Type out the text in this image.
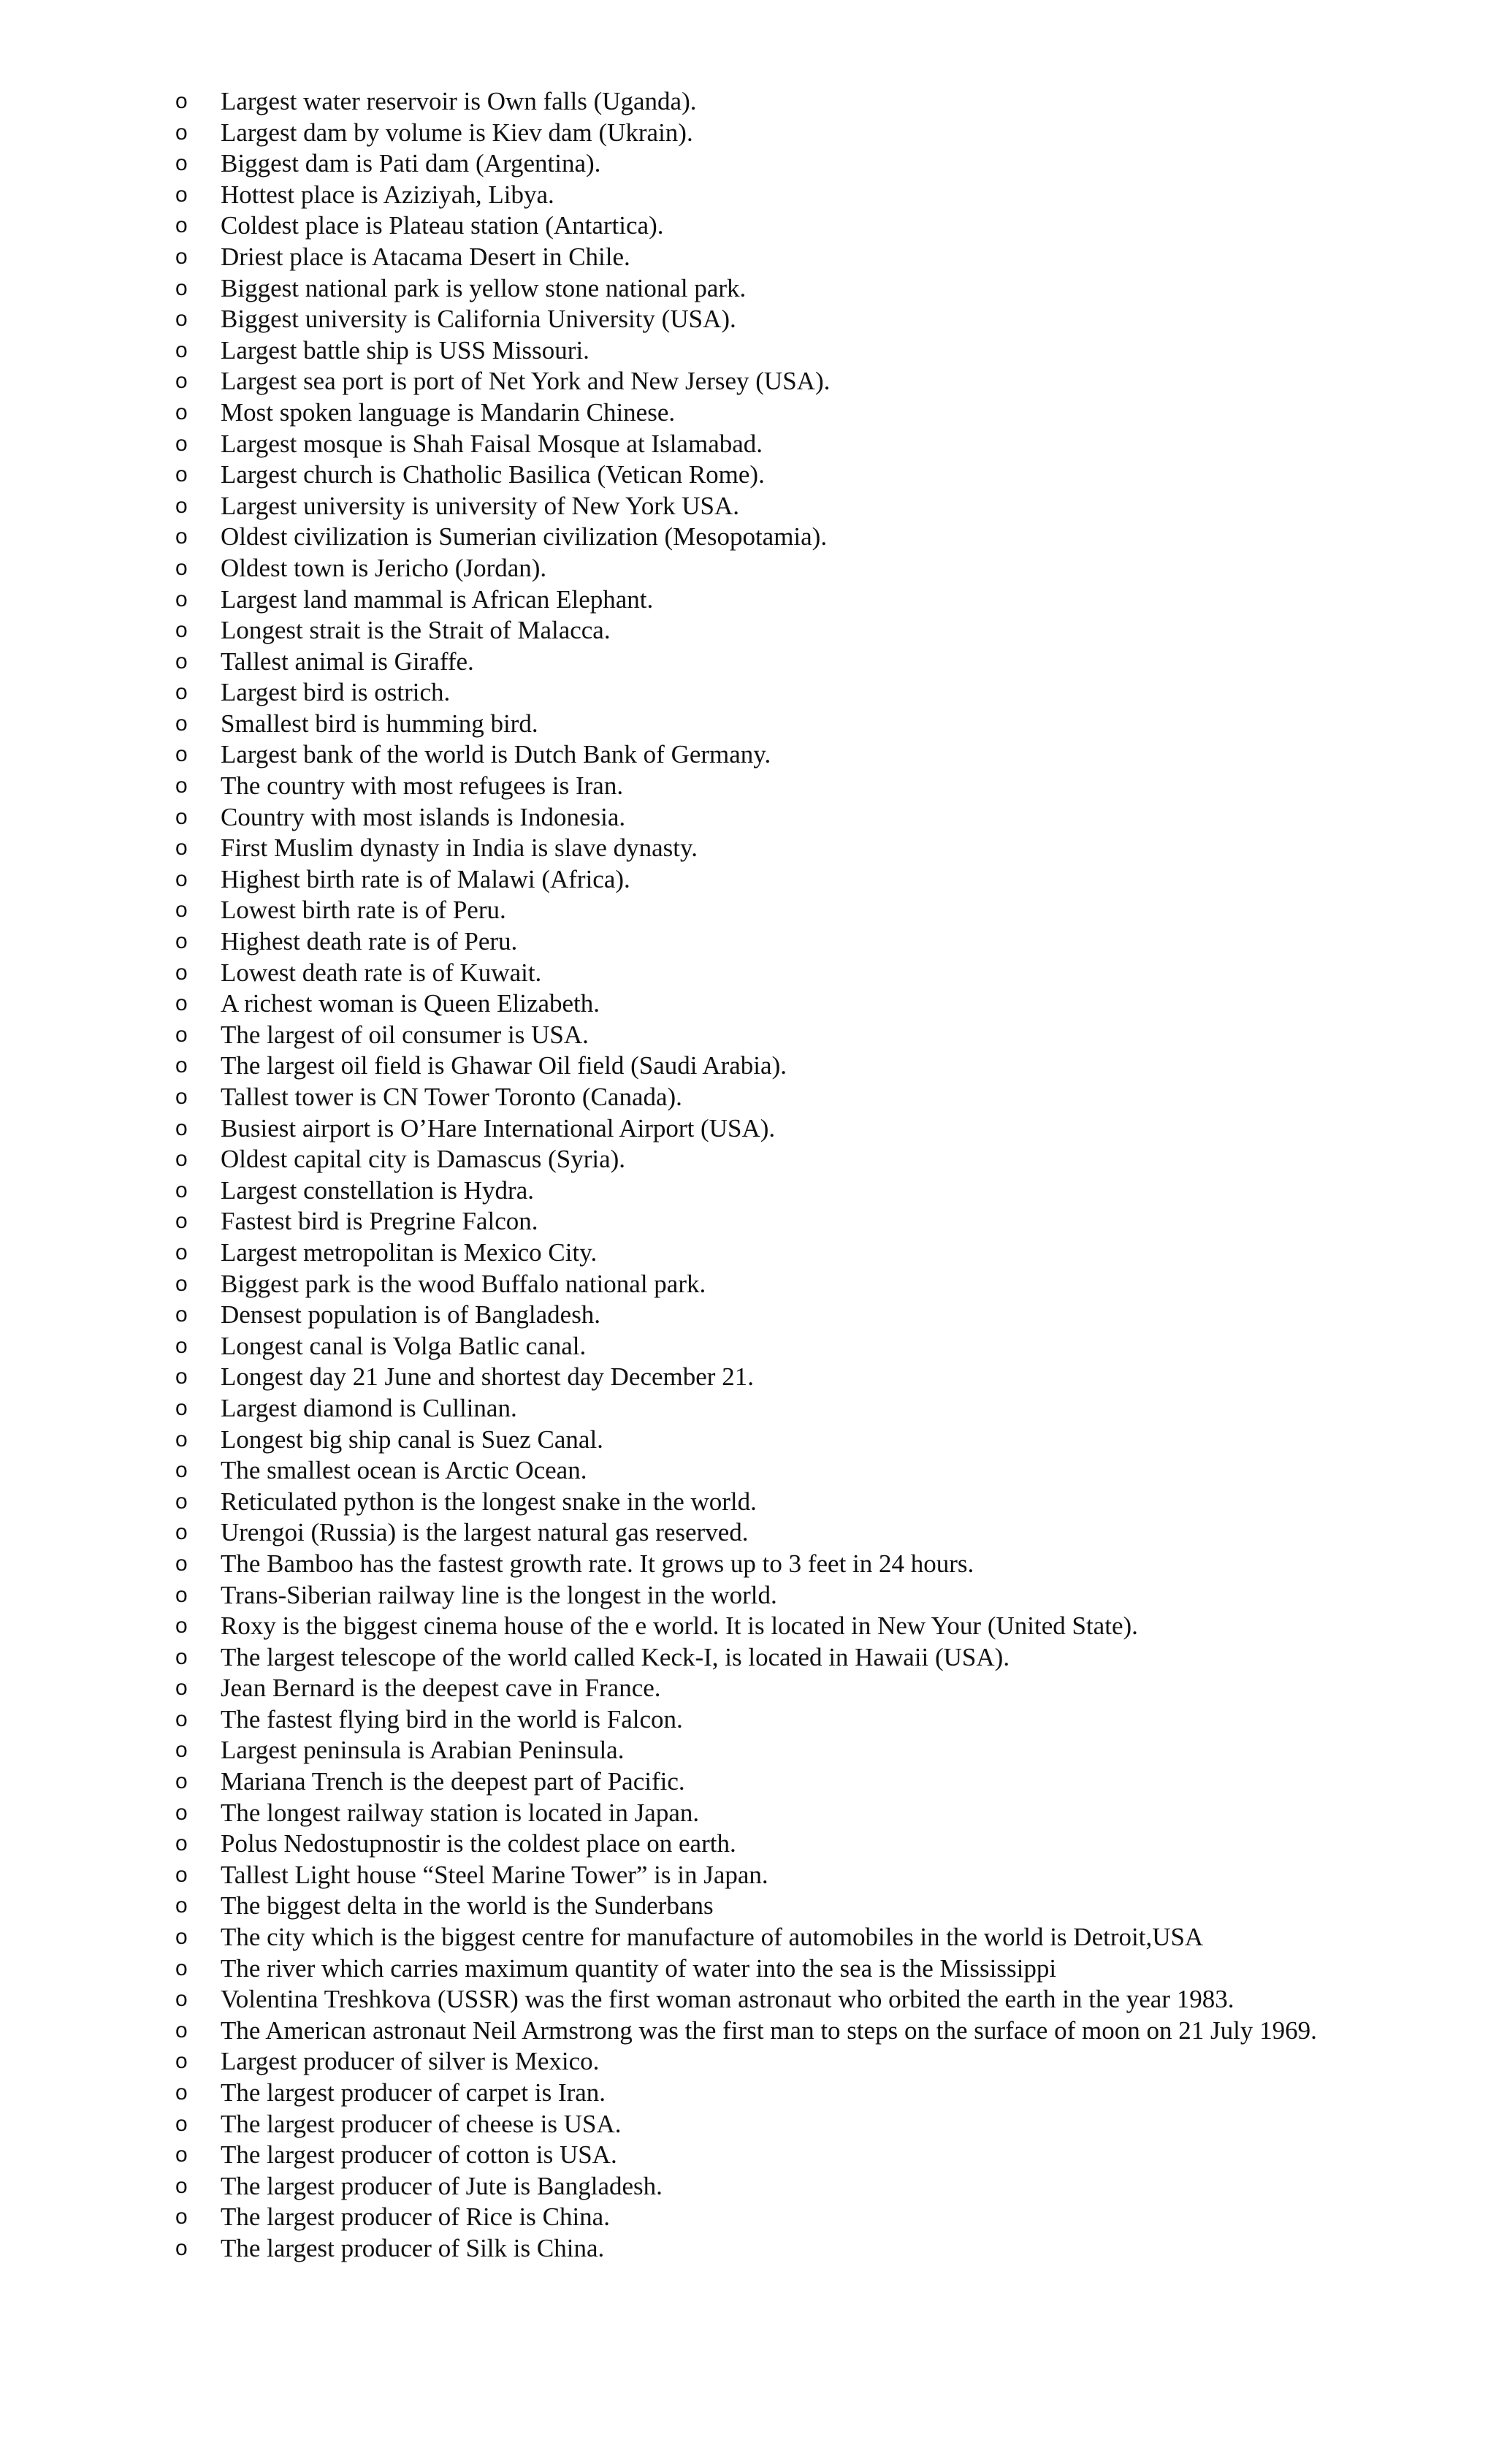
o	Largest water reservoir is Own falls (Uganda).
o	Largest dam by volume is Kiev dam (Ukrain).
o	Biggest dam is Pati dam (Argentina).
o	Hottest place is Aziziyah, Libya.
o	Coldest place is Plateau station (Antartica).
o	Driest place is Atacama Desert in Chile.
o	Biggest national park is yellow stone national park.
o	Biggest university is California University (USA).
o	Largest battle ship is USS Missouri.
o	Largest sea port is port of Net York and New Jersey (USA).
o	Most spoken language is Mandarin Chinese.
o	Largest mosque is Shah Faisal Mosque at Islamabad.
o	Largest church is Chatholic Basilica (Vetican Rome).
o	Largest university is university of New York USA.
o	Oldest civilization is Sumerian civilization (Mesopotamia).
o	Oldest town is Jericho (Jordan).
o	Largest land mammal is African Elephant.
o	Longest strait is the Strait of Malacca.
o	Tallest animal is Giraffe.
o	Largest bird is ostrich.
o	Smallest bird is humming bird.
o	Largest bank of the world is Dutch Bank of Germany.
o	The country with most refugees is Iran.
o	Country with most islands is Indonesia.
o	First Muslim dynasty in India is slave dynasty.
o	Highest birth rate is of Malawi (Africa).
o	Lowest birth rate is of Peru.
o	Highest death rate is of Peru.
o	Lowest death rate is of Kuwait.
o	A richest woman is Queen Elizabeth.
o	The largest of oil consumer is USA.
o	The largest oil field is Ghawar Oil field (Saudi Arabia).
o	Tallest tower is CN Tower Toronto (Canada).
o	Busiest airport is O’Hare International Airport (USA).
o	Oldest capital city is Damascus (Syria).
o	Largest constellation is Hydra.
o	Fastest bird is Pregrine Falcon.
o	Largest metropolitan is Mexico City.
o	Biggest park is the wood Buffalo national park.
o	Densest population is of Bangladesh.
o	Longest canal is Volga Batlic canal.
o	Longest day 21 June and shortest day December 21.
o	Largest diamond is Cullinan.
o	Longest big ship canal is Suez Canal.
o	The smallest ocean is Arctic Ocean.
o	Reticulated python is the longest snake in the world.
o	Urengoi (Russia) is the largest natural gas reserved.
o	The Bamboo has the fastest growth rate. It grows up to 3 feet in 24 hours.
o	Trans-Siberian railway line is the longest in the world.
o	Roxy is the biggest cinema house of the e world. It is located in New Your (United State).
o	The largest telescope of the world called Keck-I, is located in Hawaii (USA).
o	Jean Bernard is the deepest cave in France.
o	The fastest flying bird in the world is Falcon.
o	Largest peninsula is Arabian Peninsula.
o	Mariana Trench is the deepest part of Pacific.
o	The longest railway station is located in Japan.
o	Polus Nedostupnostir is the coldest place on earth.
o	Tallest Light house “Steel Marine Tower” is in Japan.
o	The biggest delta in the world is the Sunderbans
o	The city which is the biggest centre for manufacture of automobiles in the world is Detroit,USA
o	The river which carries maximum quantity of water into the sea is the Mississippi
o	Volentina Treshkova (USSR) was the first woman astronaut who orbited the earth in the year 1983.
o	The American astronaut Neil Armstrong was the first man to steps on the surface of moon on 21 July 1969.
o	Largest producer of silver is Mexico.
o	The largest producer of carpet is Iran.
o	The largest producer of cheese is USA.
o	The largest producer of cotton is USA.
o	The largest producer of Jute is Bangladesh.
o	The largest producer of Rice is China.
o	The largest producer of Silk is China.
